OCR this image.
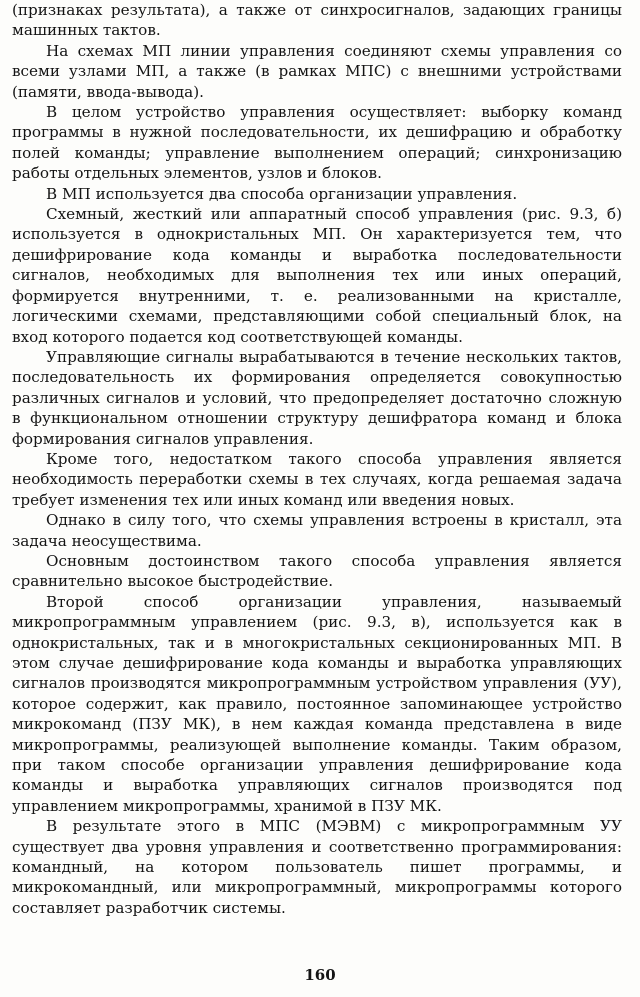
(признаках результата), а также от синхросигналов, задающих границы машинных тактов.

На схемах МП линии управления соединяют схемы управления со всеми узлами МП, а также (в рамках МПС) с внешними устройствами (памяти, ввода-вывода).

В целом устройство управления осуществляет: выборку команд программы в нужной последовательности, их дешифрацию и обработку полей команды; управление выполнением операций; синхронизацию работы отдельных элементов, узлов и блоков.

В МП используется два способа организации управления.

Схемный, жесткий или аппаратный способ управления (рис. 9.3, б) используется в однокристальных МП. Он характеризуется тем, что дешифрирование кода команды и выработка последовательности сигналов, необходимых для выполнения тех или иных операций, формируется внутренними, т. е. реализованными на кристалле, логическими схемами, представляющими собой специальный блок, на вход которого подается код соответствующей команды.

Управляющие сигналы вырабатываются в течение нескольких тактов, последовательность их формирования определяется совокупностью различных сигналов и условий, что предопределяет достаточно сложную в функциональном отношении структуру дешифратора команд и блока формирования сигналов управления.

Кроме того, недостатком такого способа управления является необходимость переработки схемы в тех случаях, когда решаемая задача требует изменения тех или иных команд или введения новых.

Однако в силу того, что схемы управления встроены в кристалл, эта задача неосуществима.

Основным достоинством такого способа управления является сравнительно высокое быстродействие.

Второй способ организации управления, называемый микропрограммным управлением (рис. 9.3, в), используется как в однокристальных, так и в многокристальных секционированных МП. В этом случае дешифрирование кода команды и выработка управляющих сигналов производятся микропрограммным устройством управления (УУ), которое содержит, как правило, постоянное запоминающее устройство микрокоманд (ПЗУ МК), в нем каждая команда представлена в виде микропрограммы, реализующей выполнение команды. Таким образом, при таком способе организации управления дешифрирование кода команды и выработка управляющих сигналов производятся под управлением микропрограммы, хранимой в ПЗУ МК.

В результате этого в МПС (МЭВМ) с микропрограммным УУ существует два уровня управления и соответственно программирования: командный, на котором пользователь пишет программы, и микрокомандный, или микропрограммный, микропрограммы которого составляет разработчик системы.

160
